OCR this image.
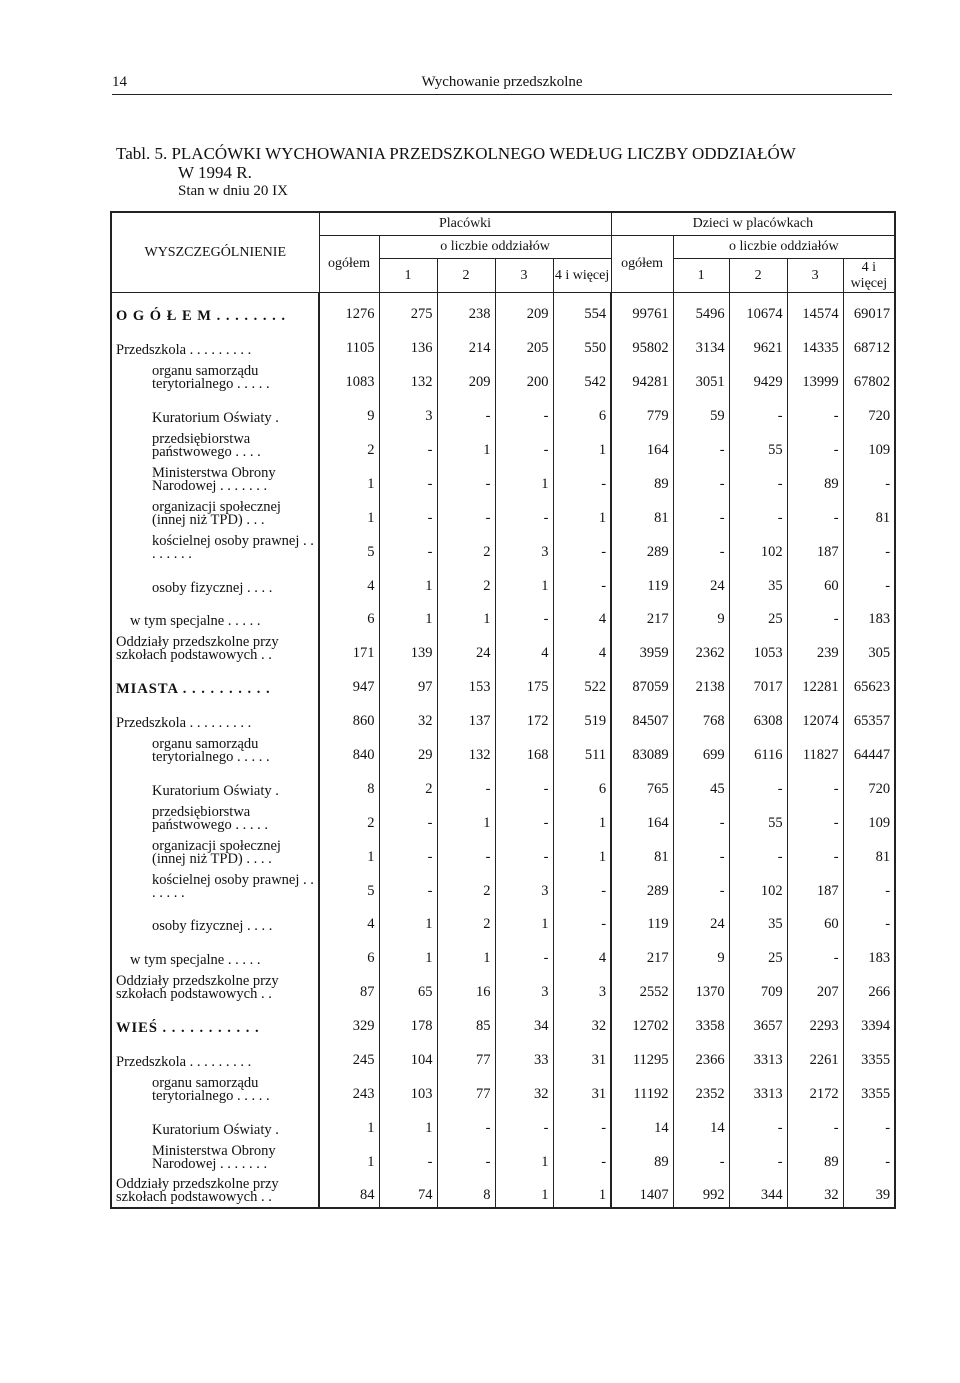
14	Wychowanie przedszkolne
Tabl. 5. PLACÓWKI WYCHOWANIA PRZEDSZKOLNEGO WEDŁUG LICZBY ODDZIAŁÓW
W 1994 R.
Stan w dniu 20 IX
WYSZCZEGÓLNIENIE	Placówki					Dzieci w placówkach				
	ogółem	o liczbie oddziałów				ogółem	o liczbie oddziałów			
		1	2	3	4 i więcej		1	2	3	4 i więcej
O G Ó Ł E M . . . . . . . .	1276	275	238	209	554	99761	5496	10674	14574	69017
Przedszkola . . . . . . . . .	1105	136	214	205	550	95802	3134	9621	14335	68712
organu samorządu terytorialnego . . . . .	1083	132	209	200	542	94281	3051	9429	13999	67802
Kuratorium Oświaty .	9	3	-	-	6	779	59	-	-	720
przedsiębiorstwa państwowego . . . .	2	-	1	-	1	164	-	55	-	109
Ministerstwa Obrony Narodowej . . . . . . .	1	-	-	1	-	89	-	-	89	-
organizacji społecznej (innej niż TPD) . . .	1	-	-	-	1	81	-	-	-	81
kościelnej osoby prawnej . . . . . . . .	5	-	2	3	-	289	-	102	187	-
osoby fizycznej . . . .	4	1	2	1	-	119	24	35	60	-
w tym specjalne . . . . .	6	1	1	-	4	217	9	25	-	183
Oddziały przedszkolne przy szkołach podstawowych . .	171	139	24	4	4	3959	2362	1053	239	305
MIASTA . . . . . . . . . .	947	97	153	175	522	87059	2138	7017	12281	65623
Przedszkola . . . . . . . . .	860	32	137	172	519	84507	768	6308	12074	65357
organu samorządu terytorialnego . . . . .	840	29	132	168	511	83089	699	6116	11827	64447
Kuratorium Oświaty .	8	2	-	-	6	765	45	-	-	720
przedsiębiorstwa państwowego . . . . .	2	-	1	-	1	164	-	55	-	109
organizacji społecznej (innej niż TPD) . . . .	1	-	-	-	1	81	-	-	-	81
kościelnej osoby prawnej . . . . . . .	5	-	2	3	-	289	-	102	187	-
osoby fizycznej . . . .	4	1	2	1	-	119	24	35	60	-
w tym specjalne . . . . .	6	1	1	-	4	217	9	25	-	183
Oddziały przedszkolne przy szkołach podstawowych . .	87	65	16	3	3	2552	1370	709	207	266
WIEŚ . . . . . . . . . . .	329	178	85	34	32	12702	3358	3657	2293	3394
Przedszkola . . . . . . . . .	245	104	77	33	31	11295	2366	3313	2261	3355
organu samorządu terytorialnego . . . . .	243	103	77	32	31	11192	2352	3313	2172	3355
Kuratorium Oświaty .	1	1	-	-	-	14	14	-	-	-
Ministerstwa Obrony Narodowej . . . . . . .	1	-	-	1	-	89	-	-	89	-
Oddziały przedszkolne przy szkołach podstawowych . .	84	74	8	1	1	1407	992	344	32	39
